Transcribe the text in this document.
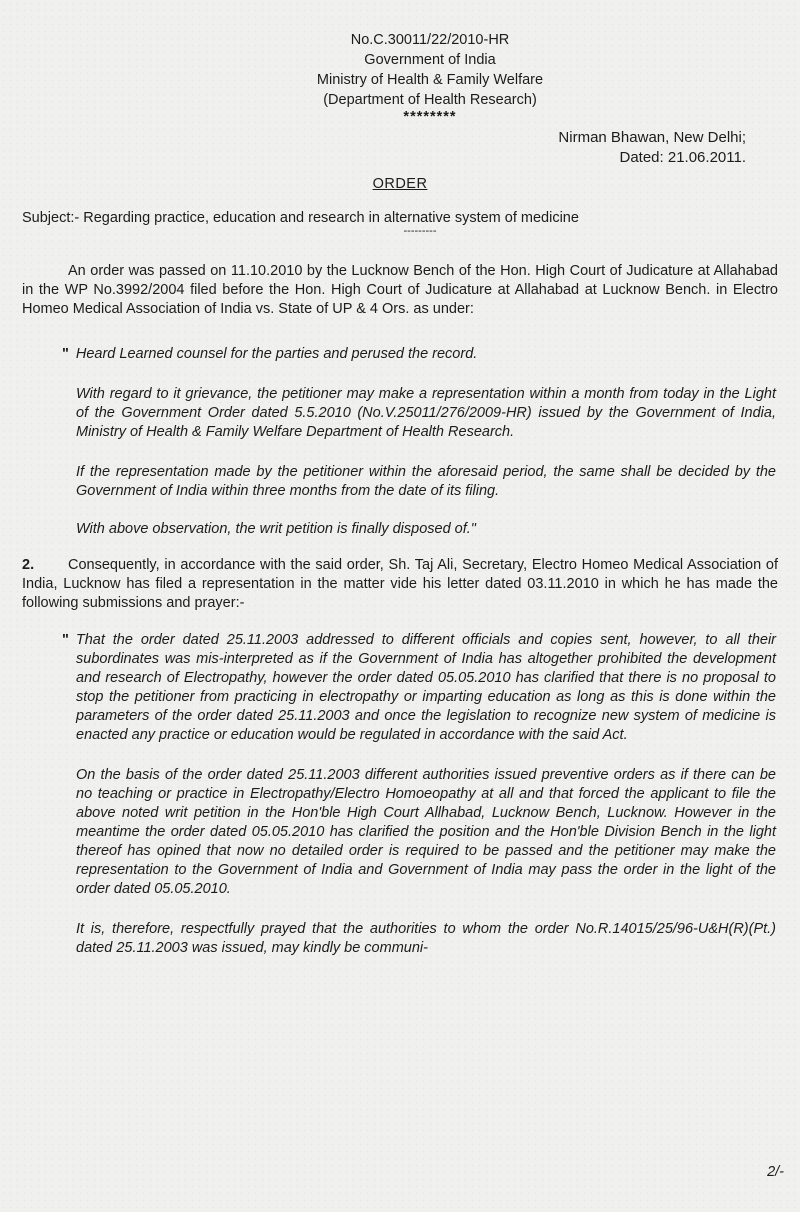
No.C.30011/22/2010-HR
Government of India
Ministry of Health & Family Welfare
(Department of Health Research)
********
Nirman Bhawan, New Delhi;
Dated: 21.06.2011.
ORDER
Subject:- Regarding practice, education and research in alternative system of medicine
---------

An order was passed on 11.10.2010 by the Lucknow Bench of the Hon. High Court of Judicature at Allahabad in the WP No.3992/2004 filed before the Hon. High Court of Judicature at Allahabad at Lucknow Bench. in Electro Homeo Medical Association of India vs. State of UP & 4 Ors. as under:

" Heard Learned counsel for the parties and perused the record.

With regard to it grievance, the petitioner may make a representation within a month from today in the Light of the Government Order dated 5.5.2010 (No.V.25011/276/2009-HR) issued by the Government of India, Ministry of Health & Family Welfare Department of Health Research.

If the representation made by the petitioner within the aforesaid period, the same shall be decided by the Government of India within three months from the date of its filing.

With above observation, the writ petition is finally disposed of."

2. Consequently, in accordance with the said order, Sh. Taj Ali, Secretary, Electro Homeo Medical Association of India, Lucknow has filed a representation in the matter vide his letter dated 03.11.2010 in which he has made the following submissions and prayer:-

" That the order dated 25.11.2003 addressed to different officials and copies sent, however, to all their subordinates was mis-interpreted as if the Government of India has altogether prohibited the development and research of Electropathy, however the order dated 05.05.2010 has clarified that there is no proposal to stop the petitioner from practicing in electropathy or imparting education as long as this is done within the parameters of the order dated 25.11.2003 and once the legislation to recognize new system of medicine is enacted any practice or education would be regulated in accordance with the said Act.

On the basis of the order dated 25.11.2003 different authorities issued preventive orders as if there can be no teaching or practice in Electropathy/Electro Homoeopathy at all and that forced the applicant to file the above noted writ petition in the Hon'ble High Court Allhabad, Lucknow Bench, Lucknow. However in the meantime the order dated 05.05.2010 has clarified the position and the Hon'ble Division Bench in the light thereof has opined that now no detailed order is required to be passed and the petitioner may make the representation to the Government of India and Government of India may pass the order in the light of the order dated 05.05.2010.

It is, therefore, respectfully prayed that the authorities to whom the order No.R.14015/25/96-U&H(R)(Pt.) dated 25.11.2003 was issued, may kindly be communi-

2/-
